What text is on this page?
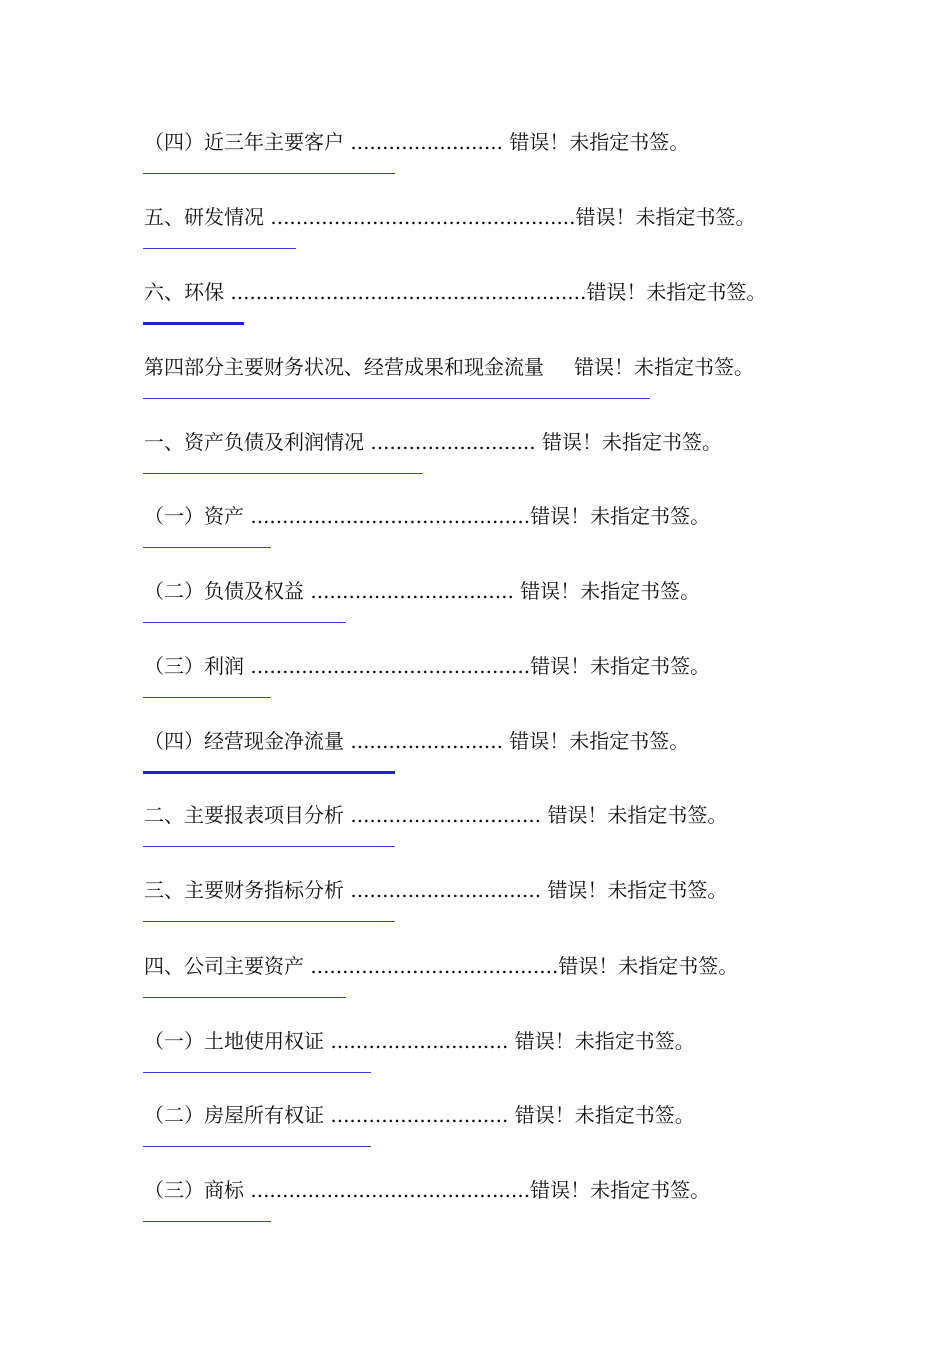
（四）近三年主要客户 ........................ 错误！未指定书签。
五、研发情况 ................................................错误！未指定书签。
六、环保 ........................................................错误！未指定书签。
第四部分主要财务状况、经营成果和现金流量 错误！未指定书签。
一、资产负债及利润情况 .......................... 错误！未指定书签。
（一）资产 ............................................错误！未指定书签。
（二）负债及权益 ................................ 错误！未指定书签。
（三）利润 ............................................错误！未指定书签。
（四）经营现金净流量 ........................ 错误！未指定书签。
二、主要报表项目分析 .............................. 错误！未指定书签。
三、主要财务指标分析 .............................. 错误！未指定书签。
四、公司主要资产 .......................................错误！未指定书签。
（一）土地使用权证 ............................ 错误！未指定书签。
（二）房屋所有权证 ............................ 错误！未指定书签。
（三）商标 ............................................错误！未指定书签。
